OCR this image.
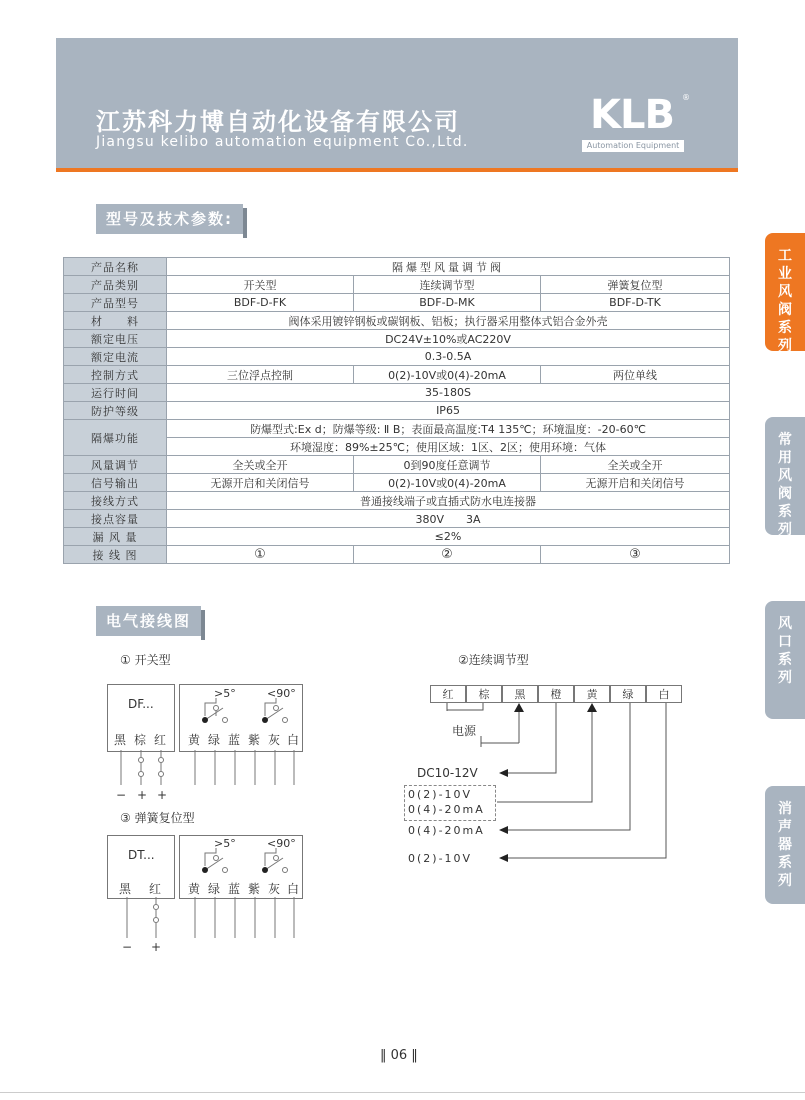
江苏科力博自动化设备有限公司
Jiangsu kelibo automation equipment Co.,Ltd.
KLB	®
Automation Equipment
工
业
风
阀
系
列
常
用
风
阀
系
列
风
口
系
列
消
声
器
系
列
型号及技术参数:
产品名称	隔爆型风量调节阀		
产品类别	开关型	连续调节型	弹簧复位型
产品型号	BDF-D-FK	BDF-D-MK	BDF-D-TK
材　　料	阀体采用镀锌钢板或碳钢板、铝板；执行器采用整体式铝合金外壳		
额定电压	DC24V±10%或AC220V		
额定电流	0.3-0.5A		
控制方式	三位浮点控制	0(2)-10V或0(4)-20mA	两位单线
运行时间	35-180S		
防护等级	IP65		
隔爆功能	防爆型式:Ex d；防爆等级: Ⅱ B；表面最高温度:T4 135℃；环境温度：-20-60℃		
	环境湿度：89%±25℃；使用区域：1区、2区；使用环境：气体		
风量调节	全关或全开	0到90度任意调节	全关或全开
信号输出	无源开启和关闭信号	0(2)-10V或0(4)-20mA	无源开启和关闭信号
接线方式	普通接线端子或直插式防水电连接器		
接点容量	380V　　3A		
漏 风 量	≤2%		
接 线 图	①	②	③
电气接线图
① 开关型
DF...
黑 棕 红
>5°	<90°
黄 绿 蓝 紫 灰 白
− + +
③ 弹簧复位型
DT...
黑 红
>5°	<90°
黄 绿 蓝 紫 灰 白
− +
②连续调节型
红	棕	黑	橙	黄	绿	白
电源
DC10-12V
0(2)-10V
0(4)-20mA
0(4)-20mA
0(2)-10V
‖ 06 ‖
